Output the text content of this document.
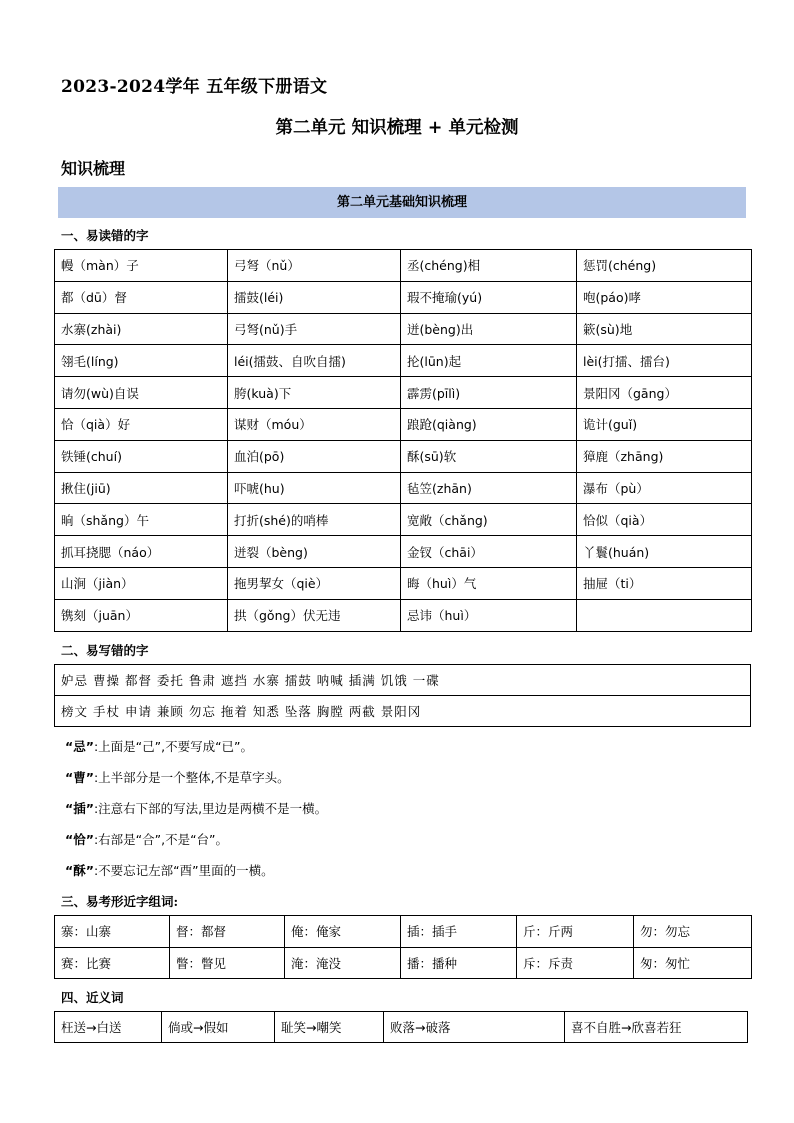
2023-2024学年 五年级下册语文
第二单元 知识梳理 + 单元检测
知识梳理
第二单元基础知识梳理
一、易读错的字
幔（màn）子	弓弩（nǔ）	丞(chéng)相	惩罚(chéng)
都（dū）督	擂鼓(léi)	瑕不掩瑜(yú)	咆(páo)哮
水寨(zhài)	弓弩(nǔ)手	迸(bèng)出	簌(sù)地
翎毛(líng)	léi(擂鼓、自吹自擂)	抡(lūn)起	lèi(打擂、擂台)
请勿(wù)自误	胯(kuà)下	霹雳(pīlì)	景阳冈（gāng）
恰（qià）好	谋财（móu）	踉跄(qiàng)	诡计(guǐ)
铁锤(chuí)	血泊(pō)	酥(sū)软	獐鹿（zhāng)
揪住(jiū)	吓唬(hu)	毡笠(zhān)	瀑布（pù）
晌（shǎng）午	打折(shé)的哨棒	宽敞（chǎng)	恰似（qià）
抓耳挠腮（náo）	迸裂（bèng)	金钗（chāi）	丫鬟(huán)
山涧（jiàn）	拖男挈女（qiè）	晦（huì）气	抽屉（ti）
镌刻（juān）	拱（gǒng）伏无违	忌讳（huì）	
二、易写错的字
妒忌 曹操 都督 委托 鲁肃 遮挡 水寨 擂鼓 呐喊 插满 饥饿 一碟
榜文 手杖 申请 兼顾 勿忘 拖着 知悉 坠落 胸膛 两截 景阳冈
“忌”:上面是“己”,不要写成“已”。
“曹”:上半部分是一个整体,不是草字头。
“插”:注意右下部的写法,里边是两横不是一横。
“恰”:右部是“合”,不是“台”。
“酥”:不要忘记左部“酉”里面的一横。
三、易考形近字组词:
寨：山寨	督：都督	俺：俺家	插：插手	斤：斤两	勿：勿忘
赛：比赛	瞥：瞥见	淹：淹没	播：播种	斥：斥责	匆：匆忙
四、近义词
枉送→白送	倘或→假如	耻笑→嘲笑	败落→破落	喜不自胜→欣喜若狂
